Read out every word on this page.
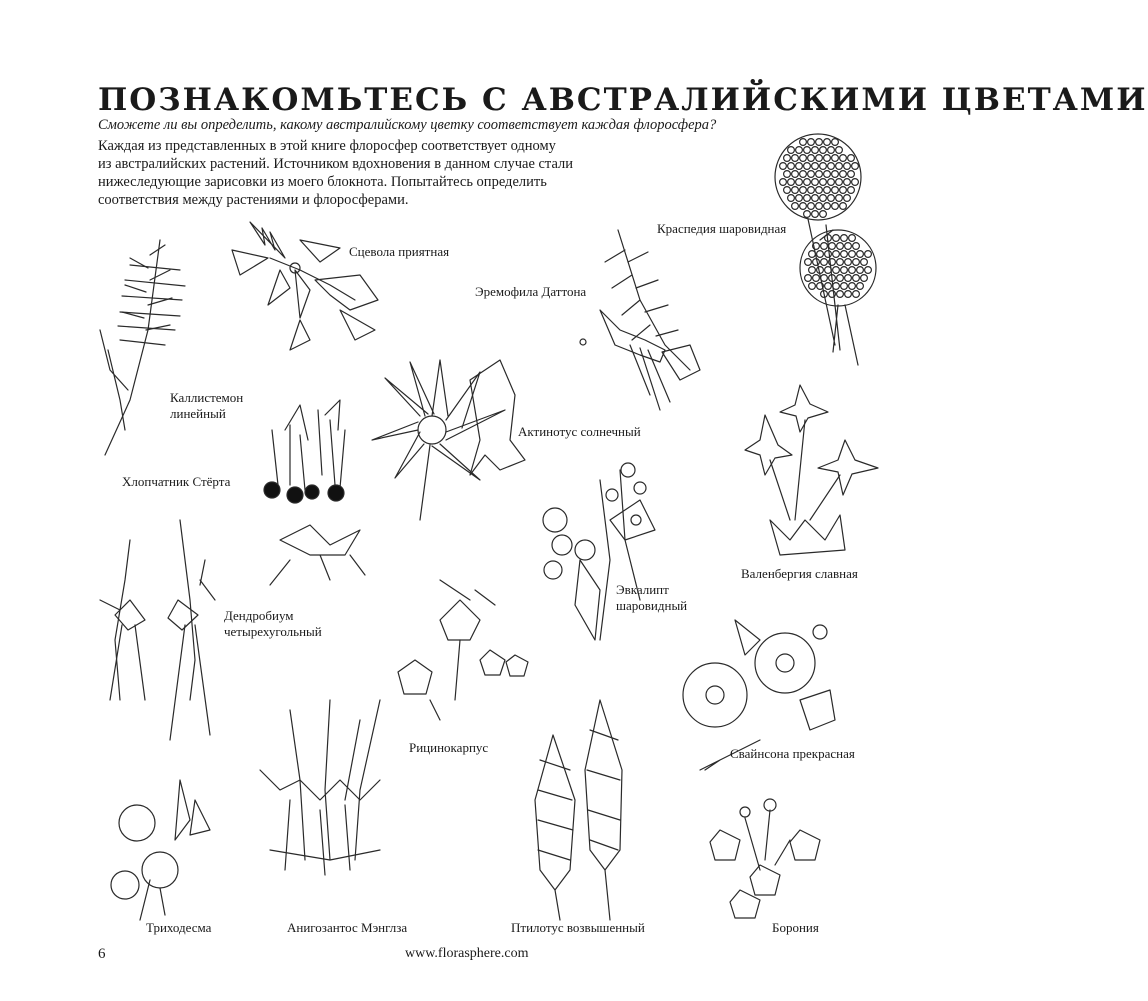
ПОЗНАКОМЬТЕСЬ С АВСТРАЛИЙСКИМИ ЦВЕТАМИ
Сможете ли вы определить, какому австралийскому цветку соответствует каждая флоросфера?
Каждая из представленных в этой книге флоросфер соответствует одному
из австралийских растений. Источником вдохновения в данном случае стали
нижеследующие зарисовки из моего блокнота. Попытайтесь определить
соответствия между растениями и флоросферами.
Краспедия шаровидная
Сцевола приятная
Эремофила Даттона
Каллистемон
линейный
Актинотус солнечный
Хлопчатник Стёрта
Валенбергия славная
Эвкалипт
шаровидный
Дендробиум
четырехугольный
Рицинокарпус	Свайнсона прекрасная
Триходесма	Анигозантос Мэнглза	Птилотус возвышенный	Борония
6	www.florasphere.com
